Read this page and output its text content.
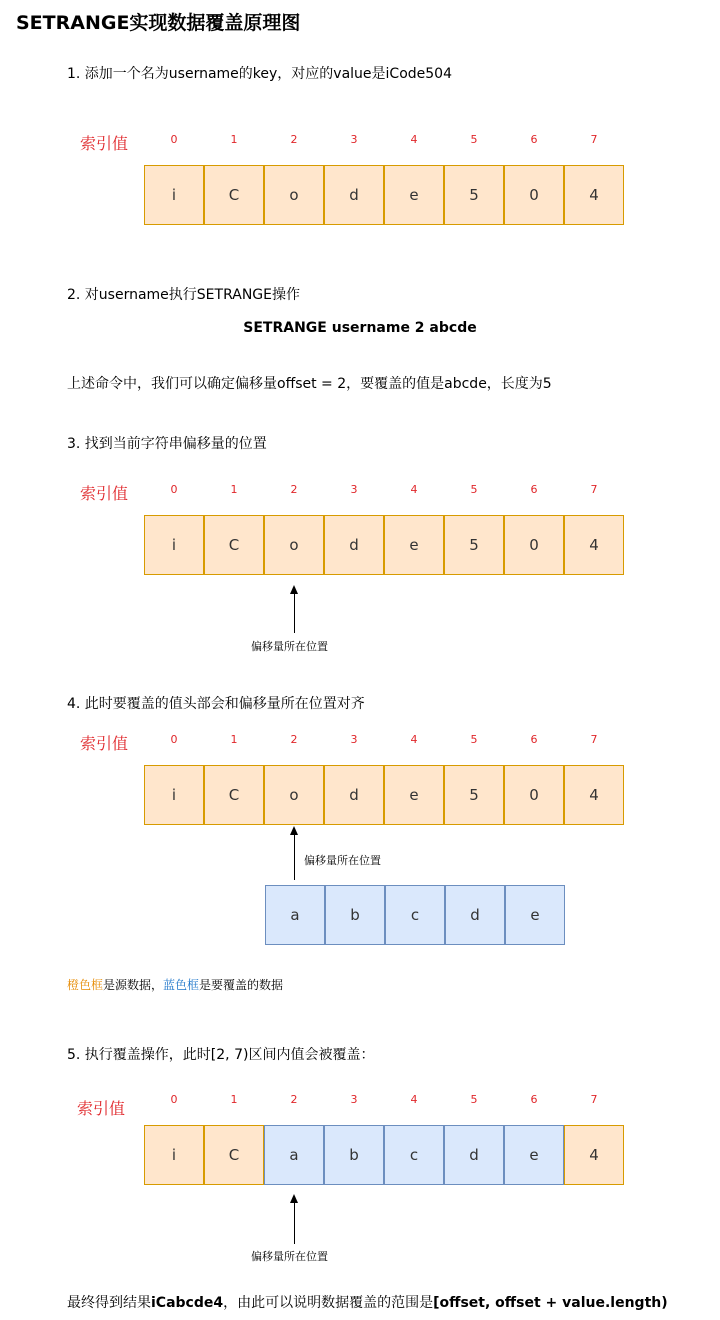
SETRANGE实现数据覆盖原理图
1. 添加一个名为username的key，对应的value是iCode504
索引值	0	1	2	3	4	5	6	7
i	C	o	d	e	5	0	4
2. 对username执行SETRANGE操作
SETRANGE username 2 abcde
上述命令中，我们可以确定偏移量offset = 2，要覆盖的值是abcde，长度为5
3. 找到当前字符串偏移量的位置
索引值	0	1	2	3	4	5	6	7
i	C	o	d	e	5	0	4
偏移量所在位置
4. 此时要覆盖的值头部会和偏移量所在位置对齐
索引值	0	1	2	3	4	5	6	7
i	C	o	d	e	5	0	4
偏移量所在位置
a	b	c	d	e
橙色框是源数据，蓝色框是要覆盖的数据
5. 执行覆盖操作，此时[2, 7)区间内值会被覆盖：
索引值	0	1	2	3	4	5	6	7
i	C	a	b	c	d	e	4
偏移量所在位置
最终得到结果iCabcde4，由此可以说明数据覆盖的范围是[offset, offset + value.length)
